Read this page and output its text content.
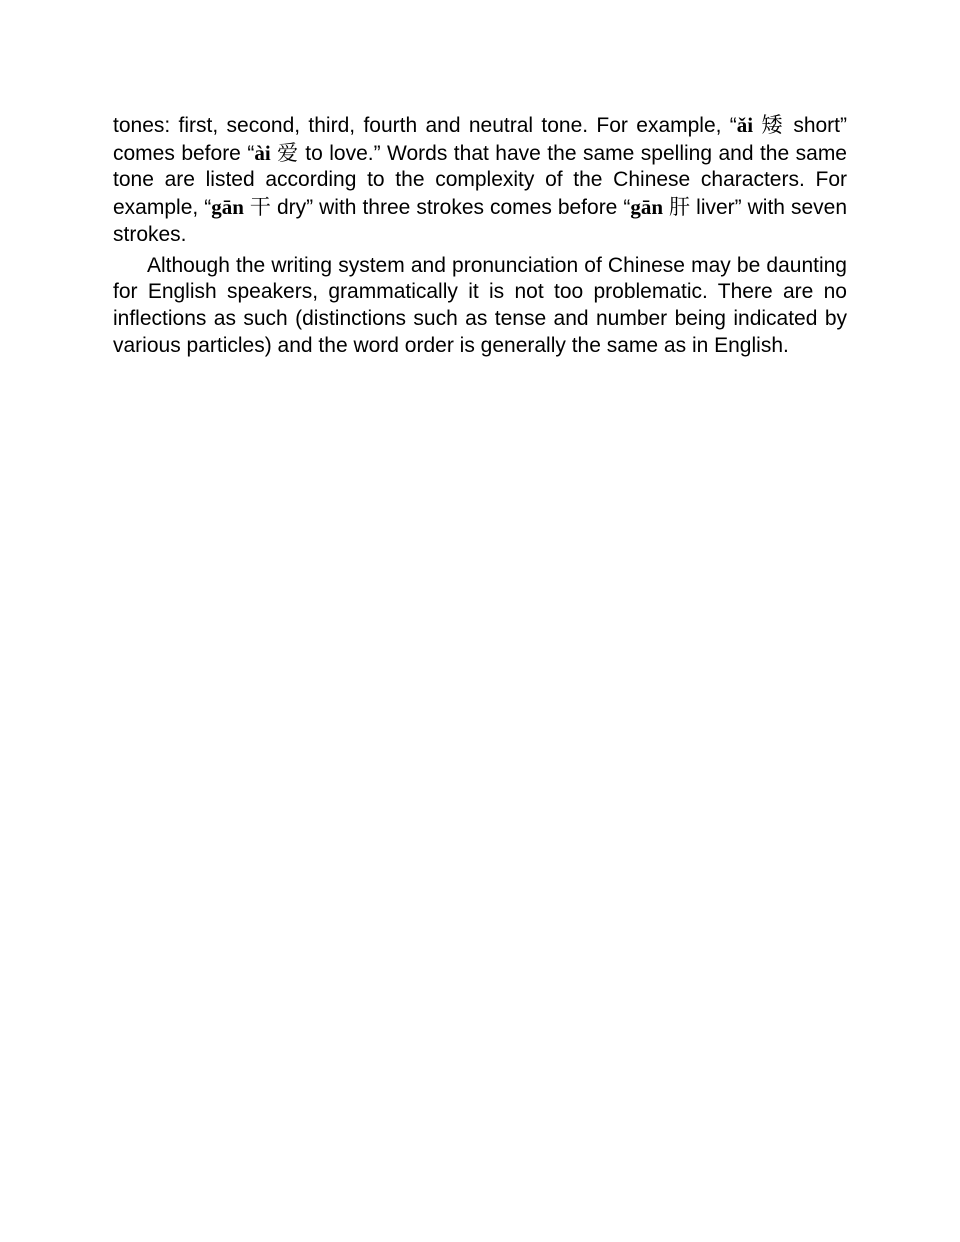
tones: first, second, third, fourth and neutral tone. For example, “ǎi 矮 short” comes before “ài 爱 to love.” Words that have the same spelling and the same tone are listed according to the complexity of the Chinese characters. For example, “gān 干 dry” with three strokes comes before “gān 肝 liver” with seven strokes.

Although the writing system and pronunciation of Chinese may be daunting for English speakers, grammatically it is not too problematic. There are no inflections as such (distinctions such as tense and number being indicated by various particles) and the word order is generally the same as in English.
